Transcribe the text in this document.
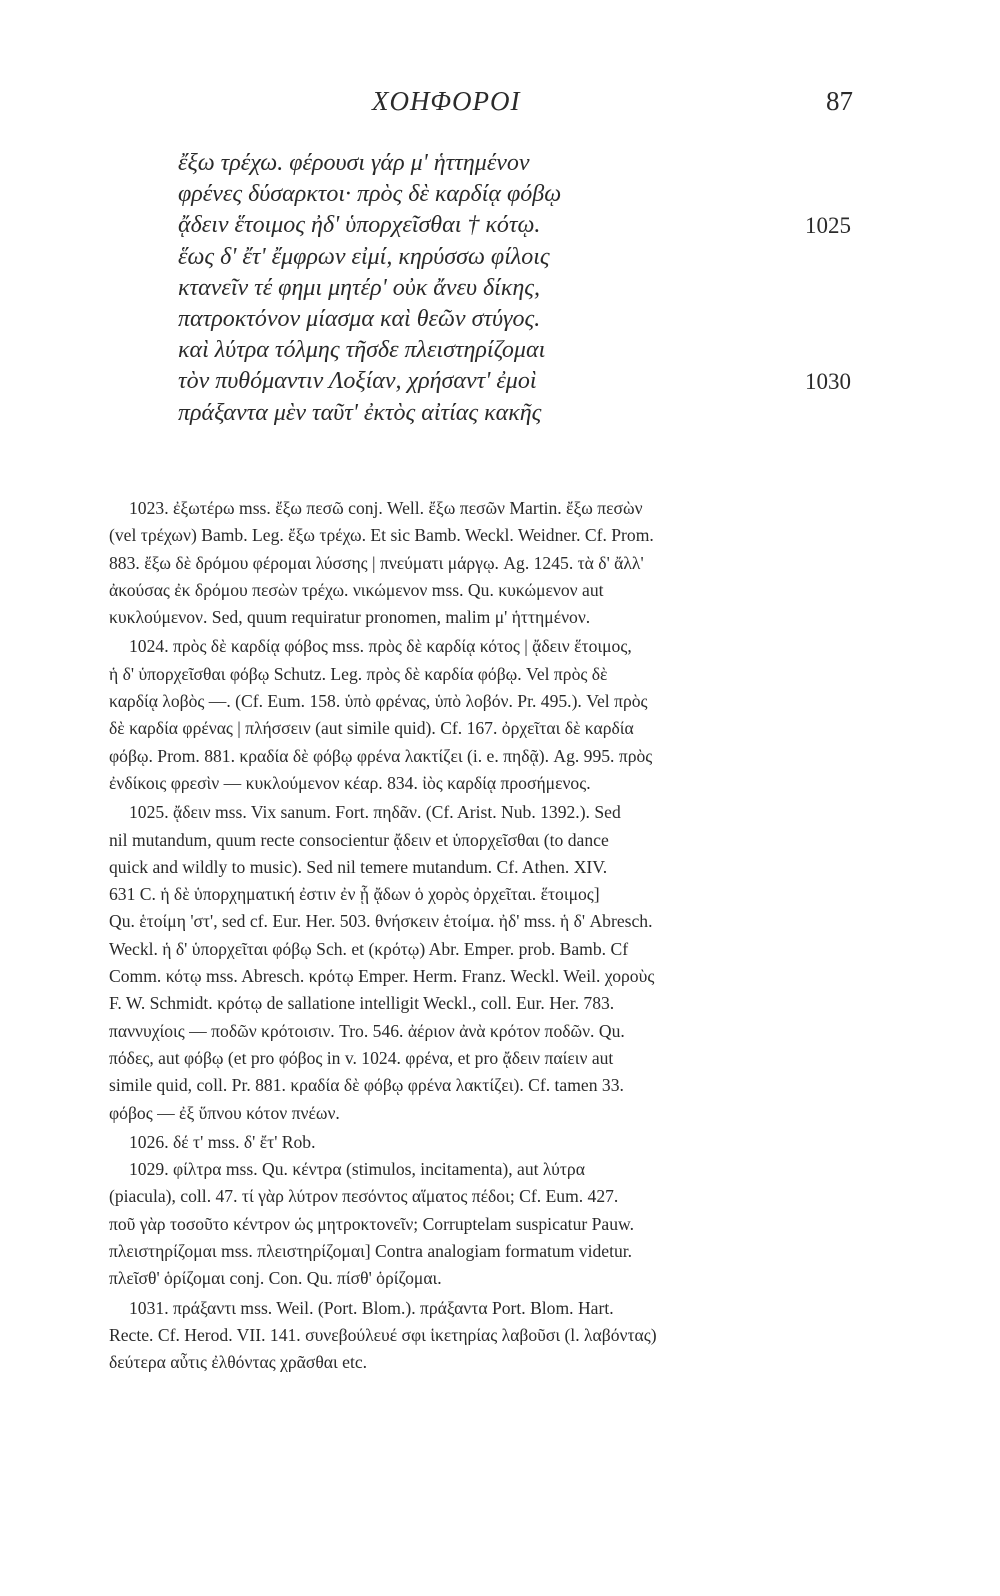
ΧΟΗΦΟΡΟΙ	87
ἔξω τρέχω. φέρουσι γάρ μ' ἡττημένον
φρένες δύσαρκτοι· πρὸς δὲ καρδίᾳ φόβῳ
ᾄδειν ἕτοιμος ἠδ' ὑπορχεῖσθαι † κότῳ.	1025
ἕως δ' ἔτ' ἔμφρων εἰμί, κηρύσσω φίλοις
κτανεῖν τέ φημι μητέρ' οὐκ ἄνευ δίκης,
πατροκτόνον μίασμα καὶ θεῶν στύγος.
καὶ λύτρα τόλμης τῆσδε πλειστηρίζομαι
τὸν πυθόμαντιν Λοξίαν, χρήσαντ' ἐμοὶ	1030
πράξαντα μὲν ταῦτ' ἐκτὸς αἰτίας κακῆς
1023. ἐξωτέρω mss. ἔξω πεσῶ conj. Well. ἔξω πεσῶν Martin. ἔξω πεσὼν
(vel τρέχων) Bamb. Leg. ἔξω τρέχω. Et sic Bamb. Weckl. Weidner. Cf. Prom.
883. ἔξω δὲ δρόμου φέρομαι λύσσης | πνεύματι μάργῳ. Ag. 1245. τὰ δ' ἄλλ'
ἀκούσας ἐκ δρόμου πεσὼν τρέχω. νικώμενον mss. Qu. κυκώμενον aut
κυκλούμενον. Sed, quum requiratur pronomen, malim μ' ἡττημένον.
1024. πρὸς δὲ καρδίᾳ φόβος mss. πρὸς δὲ καρδίᾳ κότος | ᾄδειν ἕτοιμος,
ἡ δ' ὑπορχεῖσθαι φόβῳ Schutz. Leg. πρὸς δὲ καρδία φόβῳ. Vel πρὸς δὲ
καρδίᾳ λοβὸς —. (Cf. Eum. 158. ὑπὸ φρένας, ὑπὸ λοβόν. Pr. 495.). Vel πρὸς
δὲ καρδία φρένας | πλήσσειν (aut simile quid). Cf. 167. ὀρχεῖται δὲ καρδία
φόβῳ. Prom. 881. κραδία δὲ φόβῳ φρένα λακτίζει (i. e. πηδᾷ). Ag. 995. πρὸς
ἐνδίκοις φρεσὶν — κυκλούμενον κέαρ. 834. ἰὸς καρδίᾳ προσήμενος.
1025. ᾄδειν mss. Vix sanum. Fort. πηδᾶν. (Cf. Arist. Nub. 1392.). Sed
nil mutandum, quum recte consocientur ᾄδειν et ὑπορχεῖσθαι (to dance
quick and wildly to music). Sed nil temere mutandum. Cf. Athen. XIV.
631 C. ἡ δὲ ὑπορχηματική ἐστιν ἐν ᾗ ᾄδων ὁ χορὸς ὀρχεῖται. ἕτοιμος]
Qu. ἑτοίμη 'στ', sed cf. Eur. Her. 503. θνήσκειν ἑτοίμα. ἠδ' mss. ἡ δ' Abresch.
Weckl. ἡ δ' ὑπορχεῖται φόβῳ Sch. et (κρότῳ) Abr. Emper. prob. Bamb. Cf
Comm. κότῳ mss. Abresch. κρότῳ Emper. Herm. Franz. Weckl. Weil. χοροὺς
F. W. Schmidt. κρότῳ de sallatione intelligit Weckl., coll. Eur. Her. 783.
παννυχίοις — ποδῶν κρότοισιν. Tro. 546. ἀέριον ἀνὰ κρότον ποδῶν. Qu.
πόδες, aut φόβῳ (et pro φόβος in v. 1024. φρένα, et pro ᾄδειν παίειν aut
simile quid, coll. Pr. 881. κραδία δὲ φόβῳ φρένα λακτίζει). Cf. tamen 33.
φόβος — ἐξ ὕπνου κότον πνέων.
1026. δέ τ' mss. δ' ἔτ' Rob.
1029. φίλτρα mss. Qu. κέντρα (stimulos, incitamenta), aut λύτρα
(piacula), coll. 47. τί γὰρ λύτρον πεσόντος αἵματος πέδοι; Cf. Eum. 427.
ποῦ γὰρ τοσοῦτο κέντρον ὡς μητροκτονεῖν; Corruptelam suspicatur Pauw.
πλειστηρίζομαι mss. πλειστηρίζομαι] Contra analogiam formatum videtur.
πλεῖσθ' ὁρίζομαι conj. Con. Qu. πίσθ' ὁρίζομαι.
1031. πράξαντι mss. Weil. (Port. Blom.). πράξαντα Port. Blom. Hart.
Recte. Cf. Herod. VII. 141. συνεβούλευέ σφι ἱκετηρίας λαβοῦσι (l. λαβόντας)
δεύτερα αὖτις ἐλθόντας χρᾶσθαι etc.
